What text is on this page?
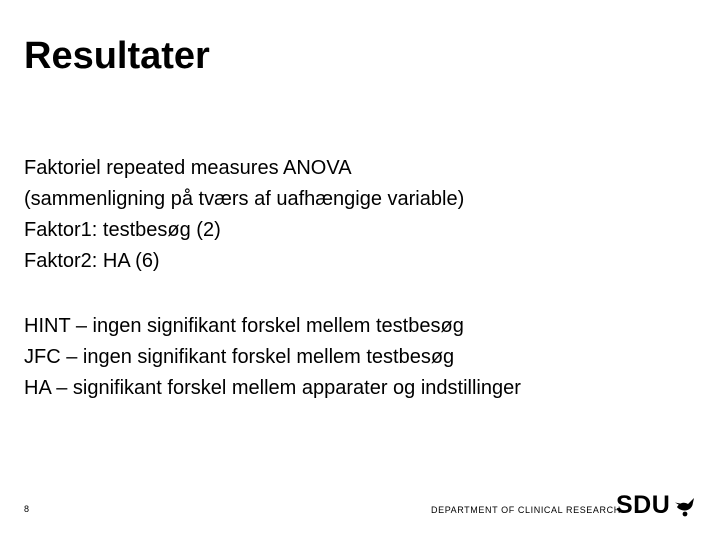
Resultater
Faktoriel repeated measures ANOVA
(sammenligning på tværs af uafhængige variable)
Faktor1: testbesøg (2)
Faktor2: HA (6)
HINT – ingen signifikant forskel mellem testbesøg
JFC – ingen signifikant forskel mellem testbesøg
HA – signifikant forskel mellem apparater og indstillinger
8	DEPARTMENT OF CLINICAL RESEARCH
SDU
